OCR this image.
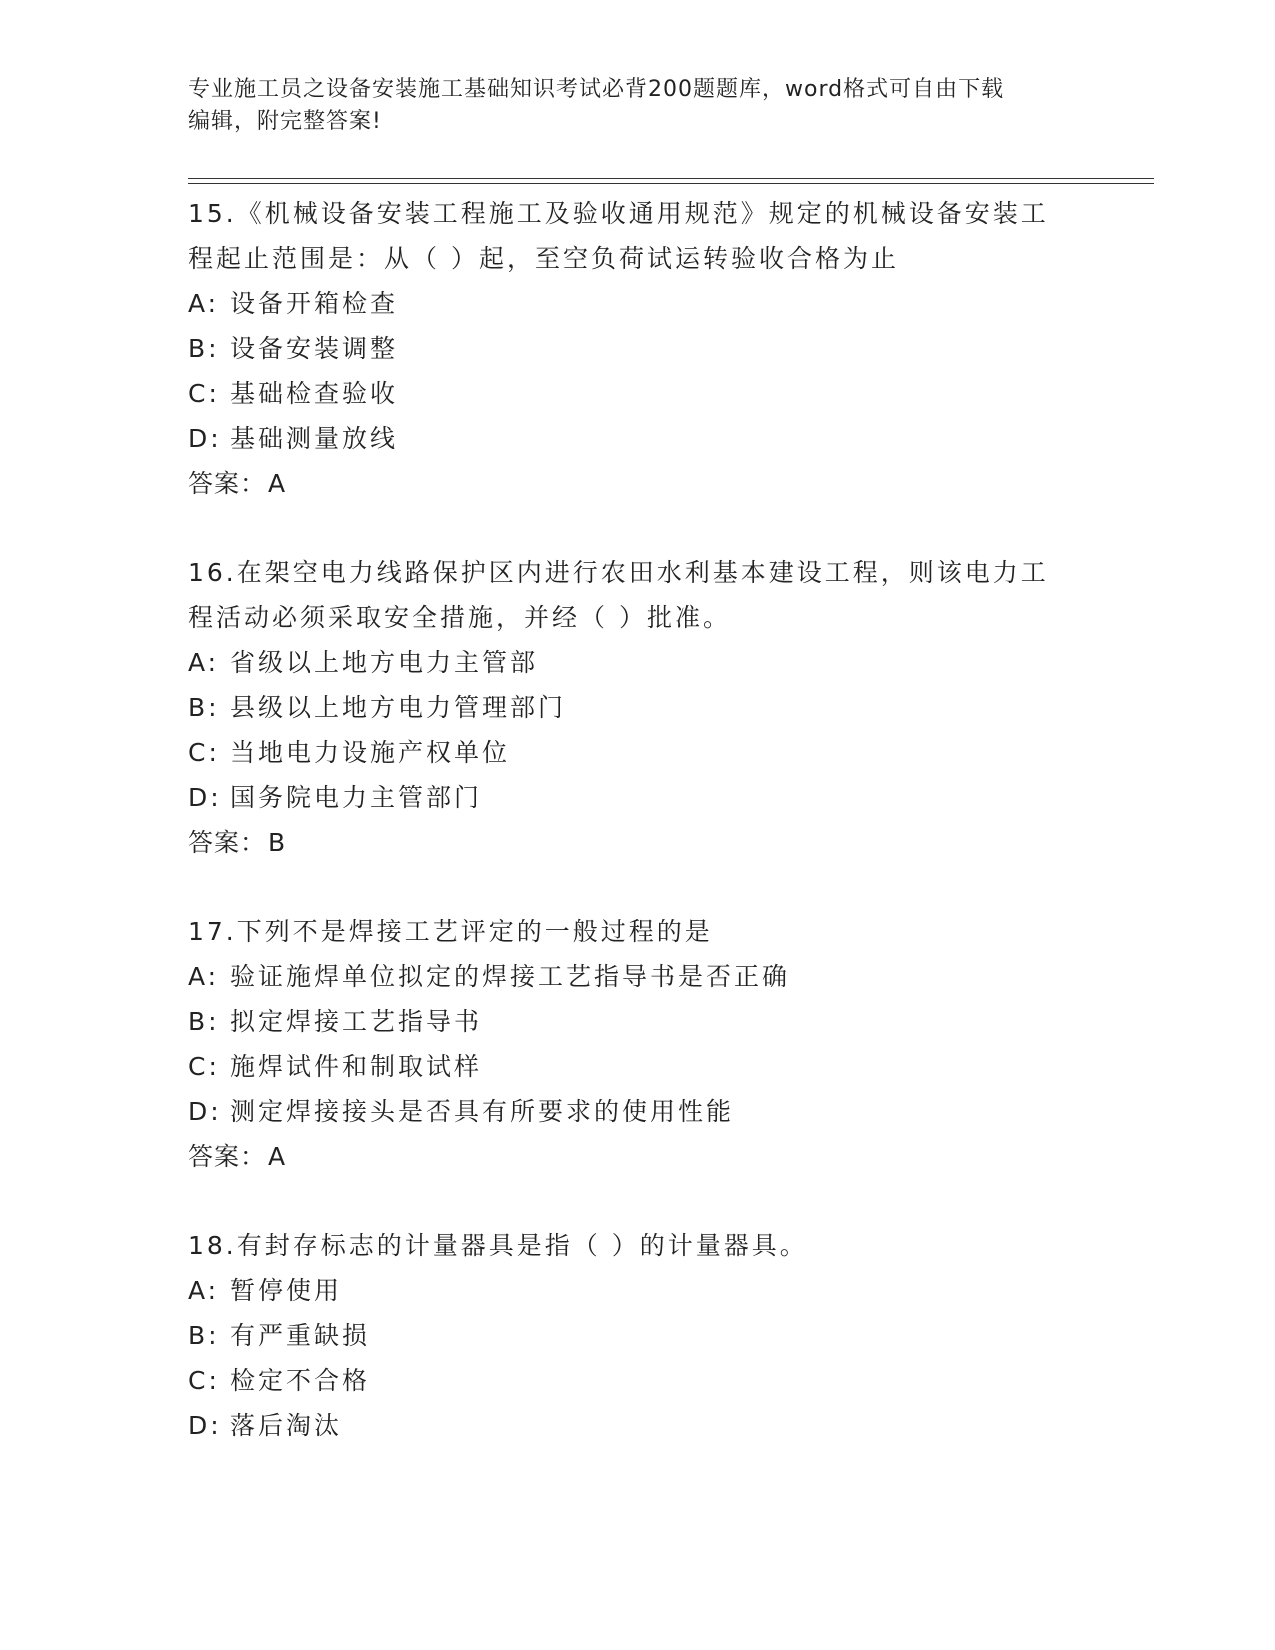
专业施工员之设备安装施工基础知识考试必背200题题库，word格式可自由下载
编辑，附完整答案!

15.《机械设备安装工程施工及验收通用规范》规定的机械设备安装工

程起止范围是：从（ ）起，至空负荷试运转验收合格为止

A: 设备开箱检查
B: 设备安装调整
C: 基础检查验收
D: 基础测量放线

答案：A

16.在架空电力线路保护区内进行农田水利基本建设工程，则该电力工

程活动必须采取安全措施，并经（ ）批准。

A: 省级以上地方电力主管部
B: 县级以上地方电力管理部门
C: 当地电力设施产权单位
D: 国务院电力主管部门

答案：B

17.下列不是焊接工艺评定的一般过程的是

A: 验证施焊单位拟定的焊接工艺指导书是否正确
B: 拟定焊接工艺指导书
C: 施焊试件和制取试样
D: 测定焊接接头是否具有所要求的使用性能

答案：A

18.有封存标志的计量器具是指（ ）的计量器具。

A: 暂停使用
B: 有严重缺损
C: 检定不合格
D: 落后淘汰
